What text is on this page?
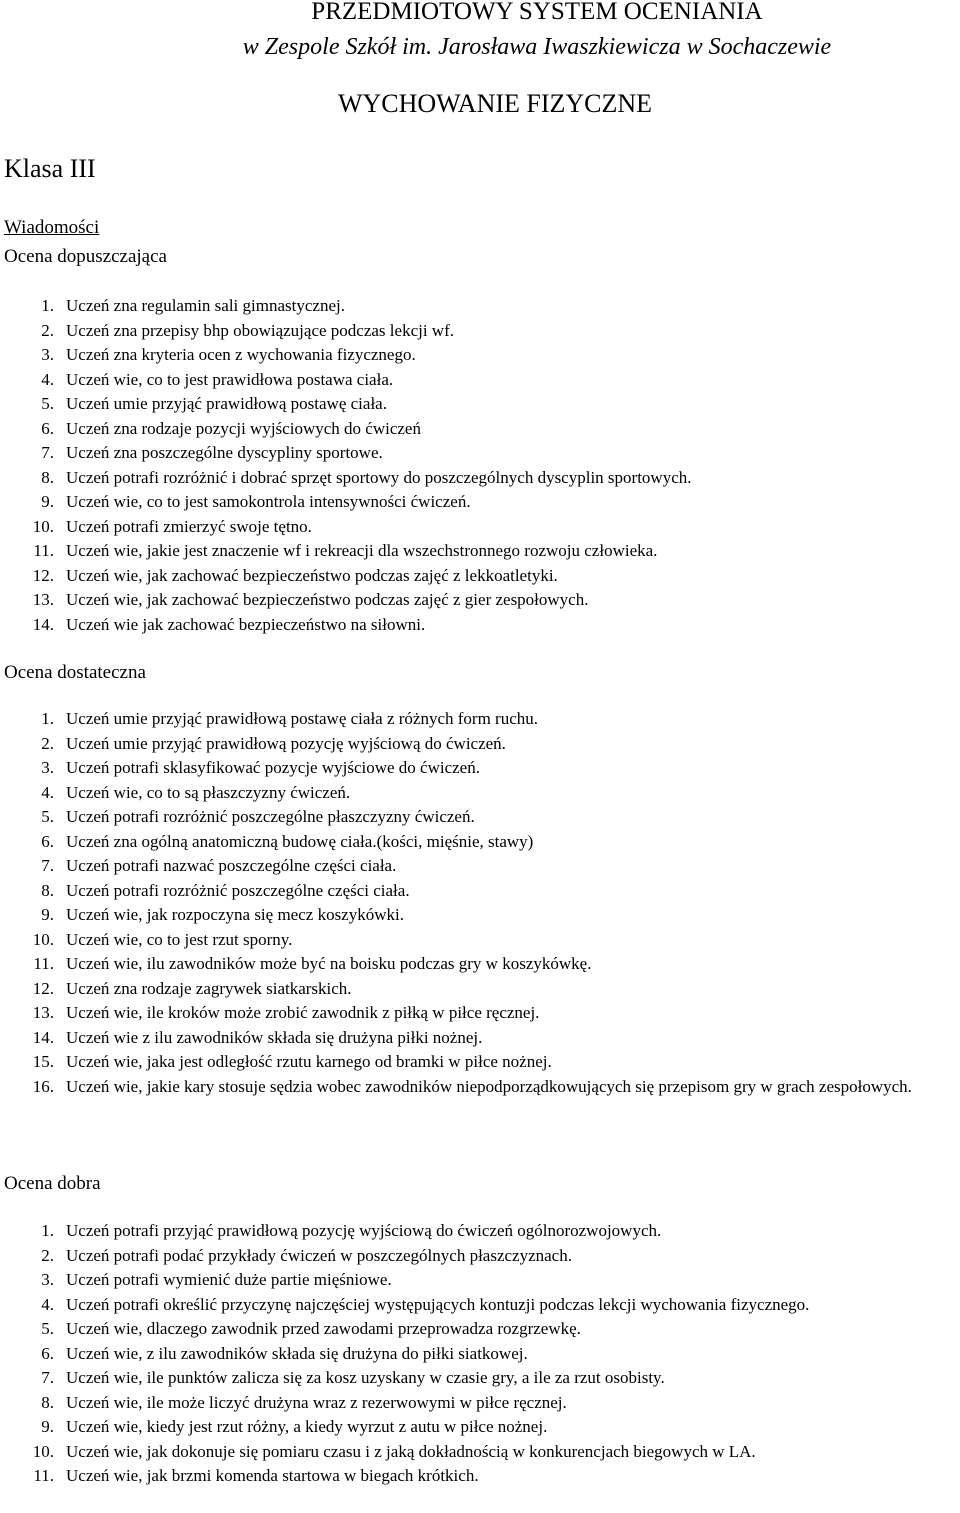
PRZEDMIOTOWY SYSTEM OCENIANIA
w Zespole Szkół im. Jarosława Iwaszkiewicza w Sochaczewie
WYCHOWANIE FIZYCZNE
Klasa III
Wiadomości
Ocena dopuszczająca
1. Uczeń zna regulamin sali gimnastycznej.
2. Uczeń zna przepisy bhp obowiązujące podczas lekcji wf.
3. Uczeń zna kryteria ocen z wychowania fizycznego.
4. Uczeń wie, co to jest prawidłowa postawa ciała.
5. Uczeń umie przyjąć prawidłową postawę ciała.
6. Uczeń zna rodzaje pozycji wyjściowych do ćwiczeń
7. Uczeń zna poszczególne dyscypliny sportowe.
8. Uczeń potrafi rozróżnić i dobrać sprzęt sportowy do poszczególnych dyscyplin sportowych.
9. Uczeń wie, co to jest samokontrola intensywności ćwiczeń.
10. Uczeń potrafi zmierzyć swoje tętno.
11. Uczeń wie, jakie jest znaczenie wf i rekreacji dla wszechstronnego rozwoju człowieka.
12. Uczeń wie, jak zachować bezpieczeństwo podczas zajęć z lekkoatletyki.
13. Uczeń wie, jak zachować bezpieczeństwo podczas zajęć z gier zespołowych.
14. Uczeń wie jak zachować bezpieczeństwo na siłowni.
Ocena dostateczna
1. Uczeń umie przyjąć prawidłową postawę ciała z różnych form ruchu.
2. Uczeń umie przyjąć prawidłową pozycję wyjściową do ćwiczeń.
3. Uczeń potrafi sklasyfikować pozycje wyjściowe do ćwiczeń.
4. Uczeń wie, co to są płaszczyzny ćwiczeń.
5. Uczeń potrafi rozróżnić poszczególne płaszczyzny ćwiczeń.
6. Uczeń zna ogólną anatomiczną budowę ciała.(kości, mięśnie, stawy)
7. Uczeń potrafi nazwać poszczególne części ciała.
8. Uczeń potrafi rozróżnić poszczególne części ciała.
9. Uczeń wie, jak rozpoczyna się mecz koszykówki.
10. Uczeń wie, co to jest rzut sporny.
11. Uczeń wie, ilu zawodników może być na boisku podczas gry w koszykówkę.
12. Uczeń zna rodzaje zagrywek siatkarskich.
13. Uczeń wie, ile kroków może zrobić zawodnik z piłką w piłce ręcznej.
14. Uczeń wie z ilu zawodników składa się drużyna piłki nożnej.
15. Uczeń wie, jaka jest odległość rzutu karnego od bramki w piłce nożnej.
16. Uczeń wie, jakie kary stosuje sędzia wobec zawodników niepodporządkowujących się przepisom gry w grach zespołowych.
Ocena dobra
1. Uczeń potrafi przyjąć prawidłową pozycję wyjściową do ćwiczeń ogólnorozwojowych.
2. Uczeń potrafi podać przykłady ćwiczeń w poszczególnych płaszczyznach.
3. Uczeń potrafi wymienić duże partie mięśniowe.
4. Uczeń potrafi określić przyczynę najczęściej występujących kontuzji podczas lekcji wychowania fizycznego.
5. Uczeń wie, dlaczego zawodnik przed zawodami przeprowadza rozgrzewkę.
6. Uczeń wie, z ilu zawodników składa się drużyna do piłki siatkowej.
7. Uczeń wie, ile punktów zalicza się za kosz uzyskany w czasie gry, a ile za rzut osobisty.
8. Uczeń wie, ile może liczyć drużyna wraz z rezerwowymi w piłce ręcznej.
9. Uczeń wie, kiedy jest rzut różny, a kiedy wyrzut z autu w piłce nożnej.
10. Uczeń wie, jak dokonuje się pomiaru czasu i z jaką dokładnością w konkurencjach biegowych w LA.
11. Uczeń wie, jak brzmi komenda startowa w biegach krótkich.
